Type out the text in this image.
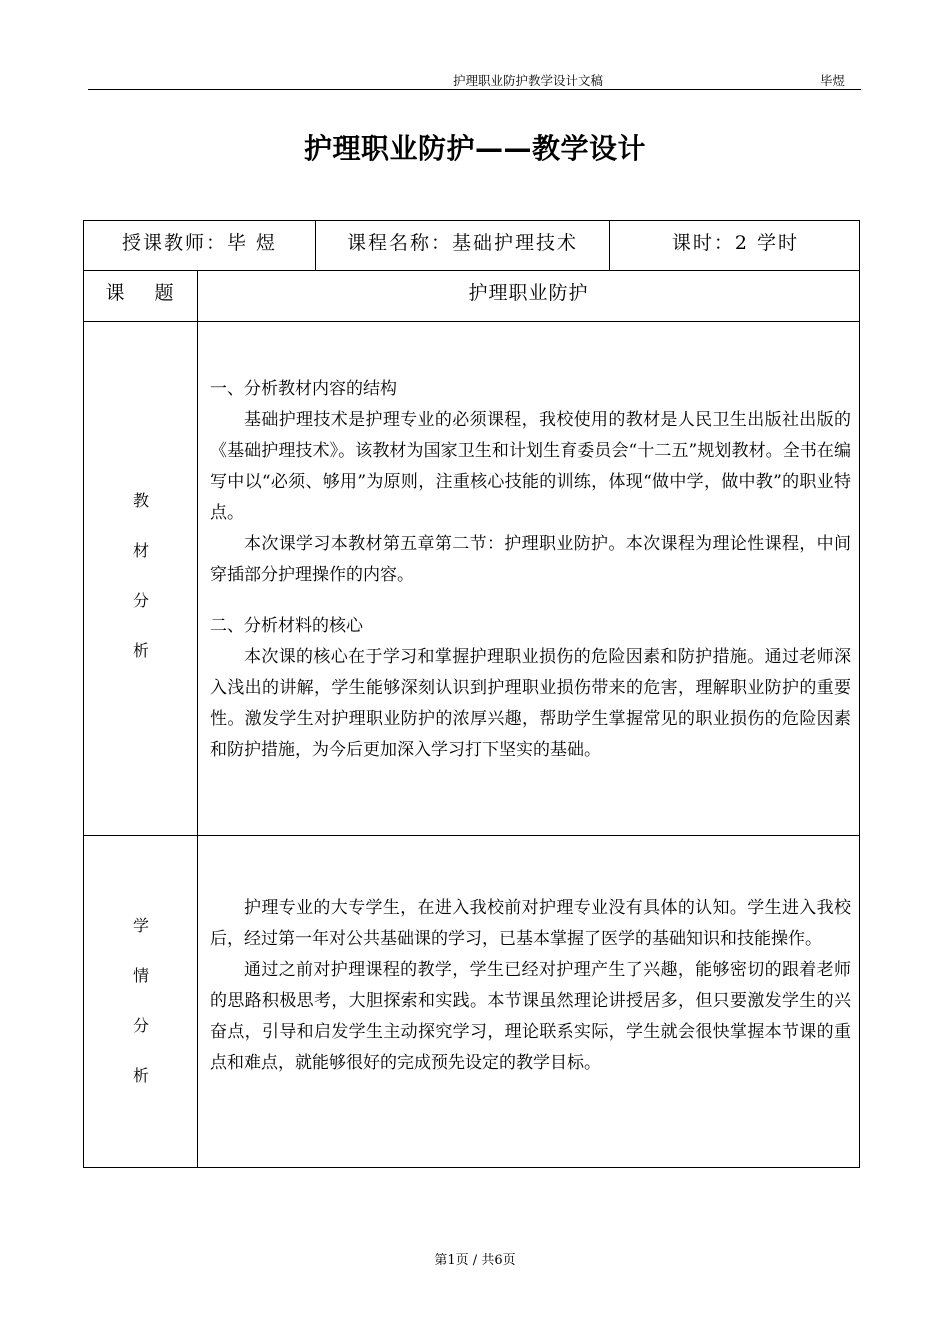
护理职业防护教学设计文稿	毕煜
护理职业防护——教学设计
授课教师：毕 煜	课程名称：基础护理技术	课时：2 学时
课 题	护理职业防护
教
材
分
析

一、分析教材内容的结构

基础护理技术是护理专业的必须课程，我校使用的教材是人民卫生出版社出版的《基础护理技术》。该教材为国家卫生和计划生育委员会“十二五”规划教材。全书在编写中以“必须、够用”为原则，注重核心技能的训练，体现“做中学，做中教”的职业特点。

本次课学习本教材第五章第二节：护理职业防护。本次课程为理论性课程，中间穿插部分护理操作的内容。

二、分析材料的核心

本次课的核心在于学习和掌握护理职业损伤的危险因素和防护措施。通过老师深入浅出的讲解，学生能够深刻认识到护理职业损伤带来的危害，理解职业防护的重要性。激发学生对护理职业防护的浓厚兴趣，帮助学生掌握常见的职业损伤的危险因素和防护措施，为今后更加深入学习打下坚实的基础。

学
情
分
析

护理专业的大专学生，在进入我校前对护理专业没有具体的认知。学生进入我校后，经过第一年对公共基础课的学习，已基本掌握了医学的基础知识和技能操作。

通过之前对护理课程的教学，学生已经对护理产生了兴趣，能够密切的跟着老师的思路积极思考，大胆探索和实践。本节课虽然理论讲授居多，但只要激发学生的兴奋点，引导和启发学生主动探究学习，理论联系实际，学生就会很快掌握本节课的重点和难点，就能够很好的完成预先设定的教学目标。

第1页 / 共6页
